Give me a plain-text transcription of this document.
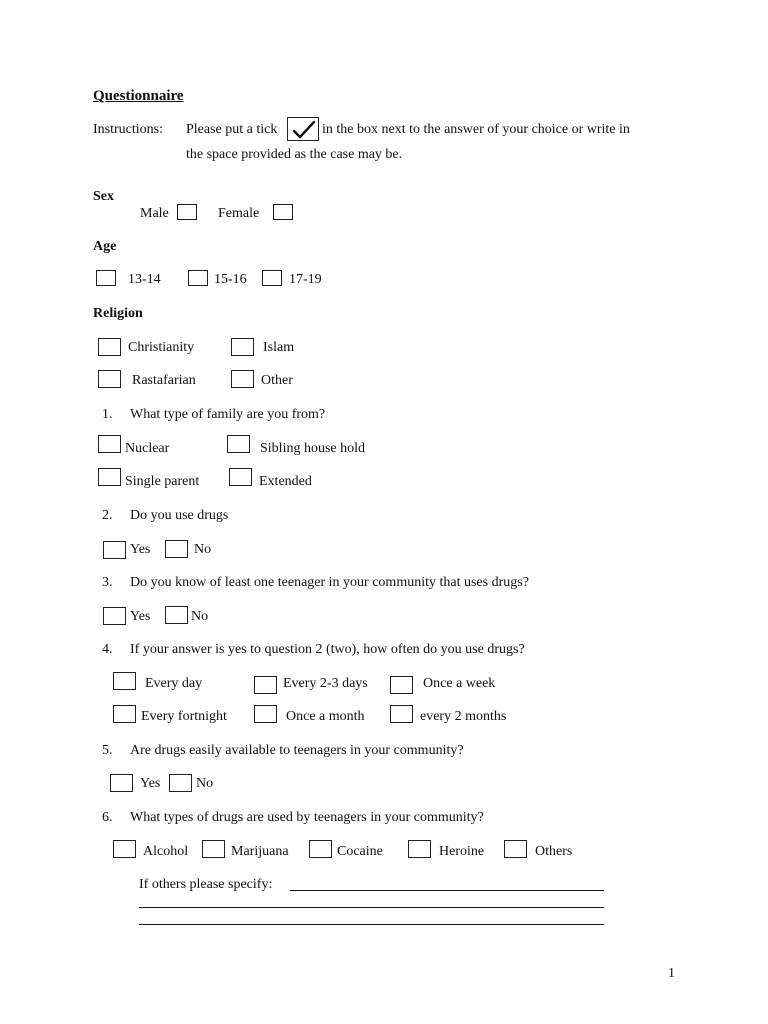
Questionnaire
Instructions: Please put a tick	in the box next to the answer of your choice or write in
the space provided as the case may be.
Sex
Male	Female
Age
13-14	15-16	17-19
Religion
Christianity	Islam
Rastafarian	Other
1. What type of family are you from?
Nuclear	Sibling house hold
Single parent	Extended
2. Do you use drugs
Yes	No
3. Do you know of least one teenager in your community that uses drugs?
Yes	No
4. If your answer is yes to question 2 (two), how often do you use drugs?
Every day	Every 2-3 days	Once a week
Every fortnight	Once a month	every 2 months
5. Are drugs easily available to teenagers in your community?
Yes	No
6. What types of drugs are used by teenagers in your community?
Alcohol	Marijuana	Cocaine	Heroine	Others
If others please specify:
1
